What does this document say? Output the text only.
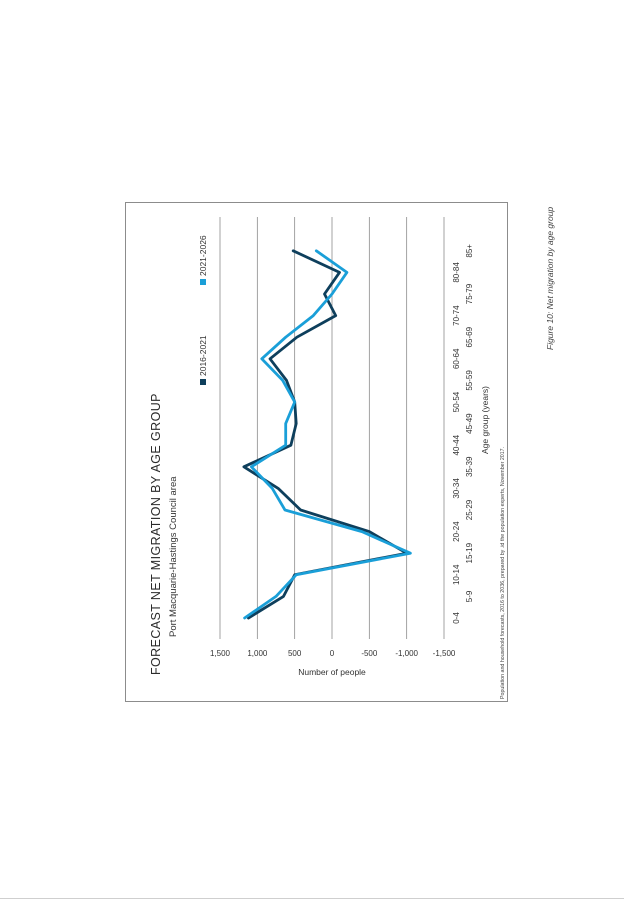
FORECAST NET MIGRATION BY AGE GROUP Port Macquarie-Hastings Council area
2016-2021
2021-2026
1,500 1,000	500	0	-500 -1,000 -1,500
Number of people
0-4
5-9
10-14
15-19
20-24
25-29
30-34
35-39
40-44
45-49
50-54
55-59
60-64
65-69
70-74
75-79
80-84
85+
Age group (years)
Population and household forecasts, 2016 to 2036, prepared by .id the population experts, November 2017.
Figure 10: Net migration by age group
